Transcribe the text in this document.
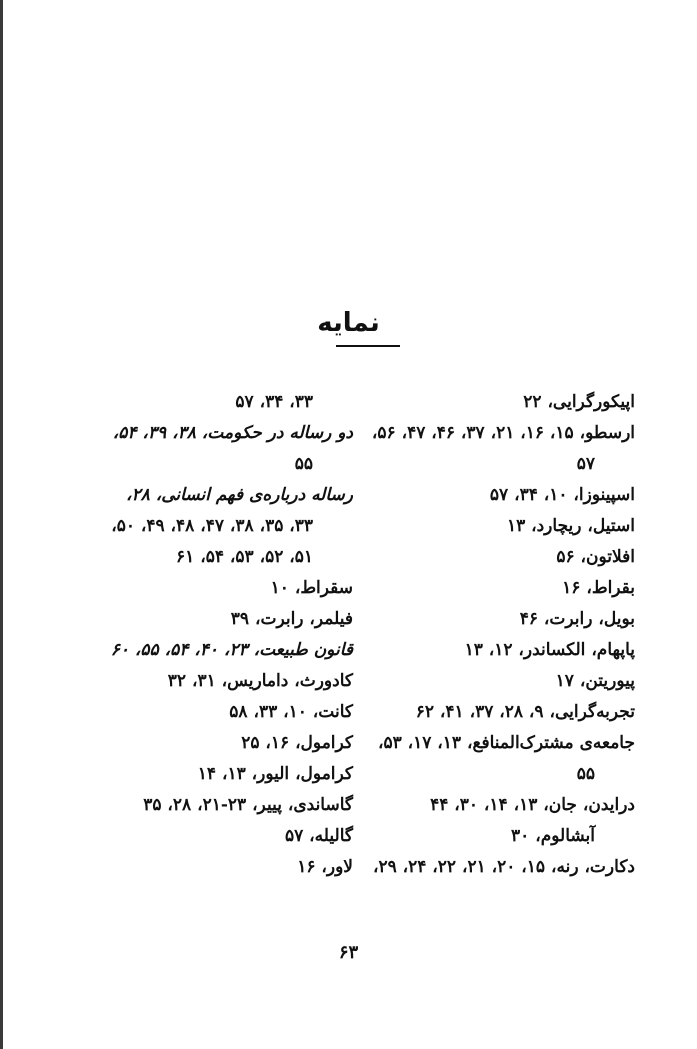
نمایه
اپیکورگرایی، ۲۲
ارسطو، ۱۵، ۱۶، ۲۱، ۳۷، ۴۶، ۴۷، ۵۶،
۵۷
اسپینوزا، ۱۰، ۳۴، ۵۷
استیل، ریچارد، ۱۳
افلاتون، ۵۶
بقراط، ۱۶
بویل، رابرت، ۴۶
پاپهام، الکساندر، ۱۲، ۱۳
پیوریتن، ۱۷
تجربه‌گرایی، ۹، ۲۸، ۳۷، ۴۱، ۶۲
جامعه‌ی مشترک‌المنافع، ۱۳، ۱۷، ۵۳،
۵۵
درایدن، جان، ۱۳، ۱۴، ۳۰، ۴۴
آبشالوم، ۳۰
دکارت، رنه، ۱۵، ۲۰، ۲۱، ۲۲، ۲۴، ۲۹،
۳۳، ۳۴، ۵۷
دو رساله در حکومت، ۳۸، ۳۹، ۵۴،
۵۵
رساله درباره‌ی فهم انسانی، ۲۸،
۳۳، ۳۵، ۳۸، ۴۷، ۴۸، ۴۹، ۵۰،
۵۱، ۵۲، ۵۳، ۵۴، ۶۱
سقراط، ۱۰
فیلمر، رابرت، ۳۹
قانون طبیعت، ۲۳، ۴۰، ۵۴، ۵۵، ۶۰
کادورث، داماریس، ۳۱، ۳۲
کانت، ۱۰، ۳۳، ۵۸
کرامول، ۱۶، ۲۵
کرامول، الیور، ۱۳، ۱۴
گاساندی، پییر، ۲۳-۲۱، ۲۸، ۳۵
گالیله، ۵۷
لاور، ۱۶
۶۳
